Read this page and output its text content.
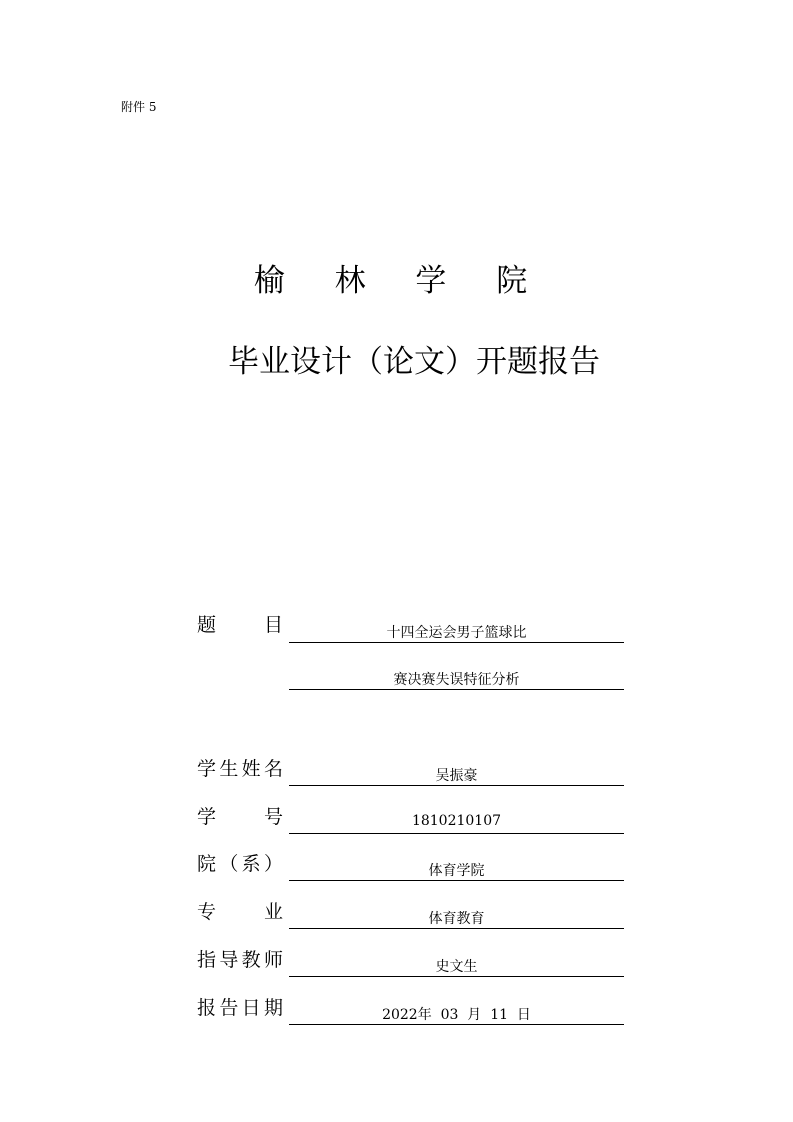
附件 5
榆 林 学 院
毕业设计（论文）开题报告
题	目	十四全运会男子篮球比
赛决赛失误特征分析
学 生 姓 名	吴振豪
学	号	1810210107
院 （ 系 ）	体育学院
专	业	体育教育
指 导 教 师	史文生
报 告 日 期	2022年  03  月  11  日
